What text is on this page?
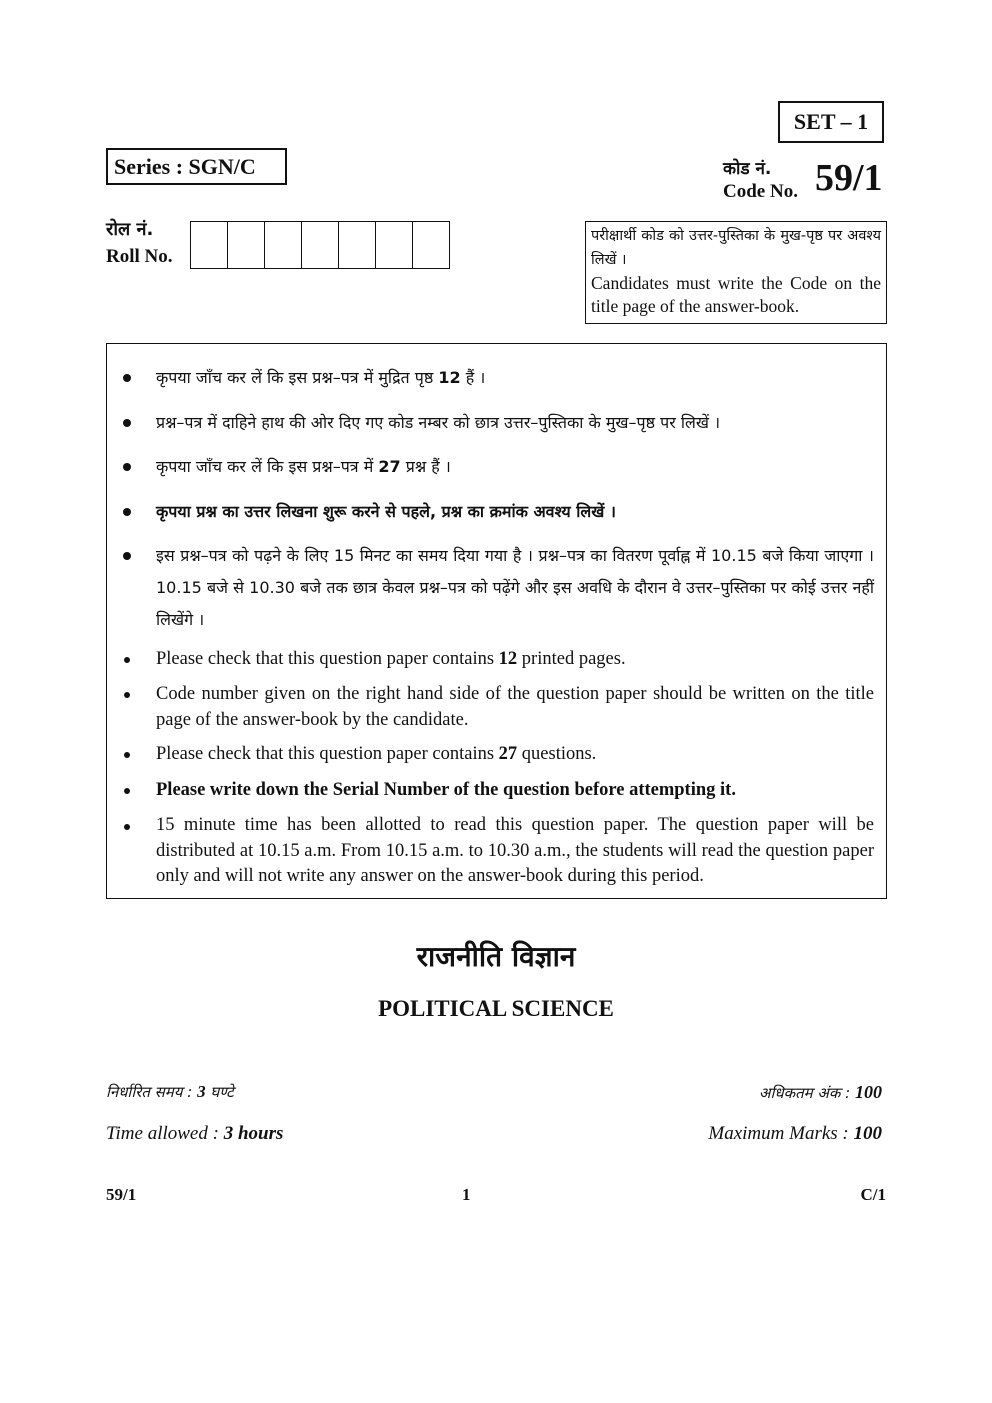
SET – 1
Series : SGN/C	कोड नं.
Code No. 59/1
रोल नं.
Roll No.
परीक्षार्थी कोड को उत्तर-पुस्तिका के मुख-पृष्ठ पर अवश्य लिखें ।
Candidates must write the Code on the title page of the answer-book.
कृपया जाँच कर लें कि इस प्रश्न–पत्र में मुद्रित पृष्ठ 12 हैं ।
प्रश्न–पत्र में दाहिने हाथ की ओर दिए गए कोड नम्बर को छात्र उत्तर–पुस्तिका के मुख–पृष्ठ पर लिखें ।
कृपया जाँच कर लें कि इस प्रश्न–पत्र में 27 प्रश्न हैं ।
कृपया प्रश्न का उत्तर लिखना शुरू करने से पहले, प्रश्न का क्रमांक अवश्य लिखें ।
इस प्रश्न–पत्र को पढ़ने के लिए 15 मिनट का समय दिया गया है । प्रश्न–पत्र का वितरण पूर्वाह्न में 10.15 बजे किया जाएगा । 10.15 बजे से 10.30 बजे तक छात्र केवल प्रश्न–पत्र को पढ़ेंगे और इस अवधि के दौरान वे उत्तर–पुस्तिका पर कोई उत्तर नहीं लिखेंगे ।
Please check that this question paper contains 12 printed pages.
Code number given on the right hand side of the question paper should be written on the title page of the answer-book by the candidate.
Please check that this question paper contains 27 questions.
Please write down the Serial Number of the question before attempting it.
15 minute time has been allotted to read this question paper. The question paper will be distributed at 10.15 a.m. From 10.15 a.m. to 10.30 a.m., the students will read the question paper only and will not write any answer on the answer-book during this period.
राजनीति विज्ञान
POLITICAL SCIENCE
निर्धारित समय : 3 घण्टे
Time allowed : 3 hours
अधिकतम अंक : 100
Maximum Marks : 100
59/1	1	C/1
